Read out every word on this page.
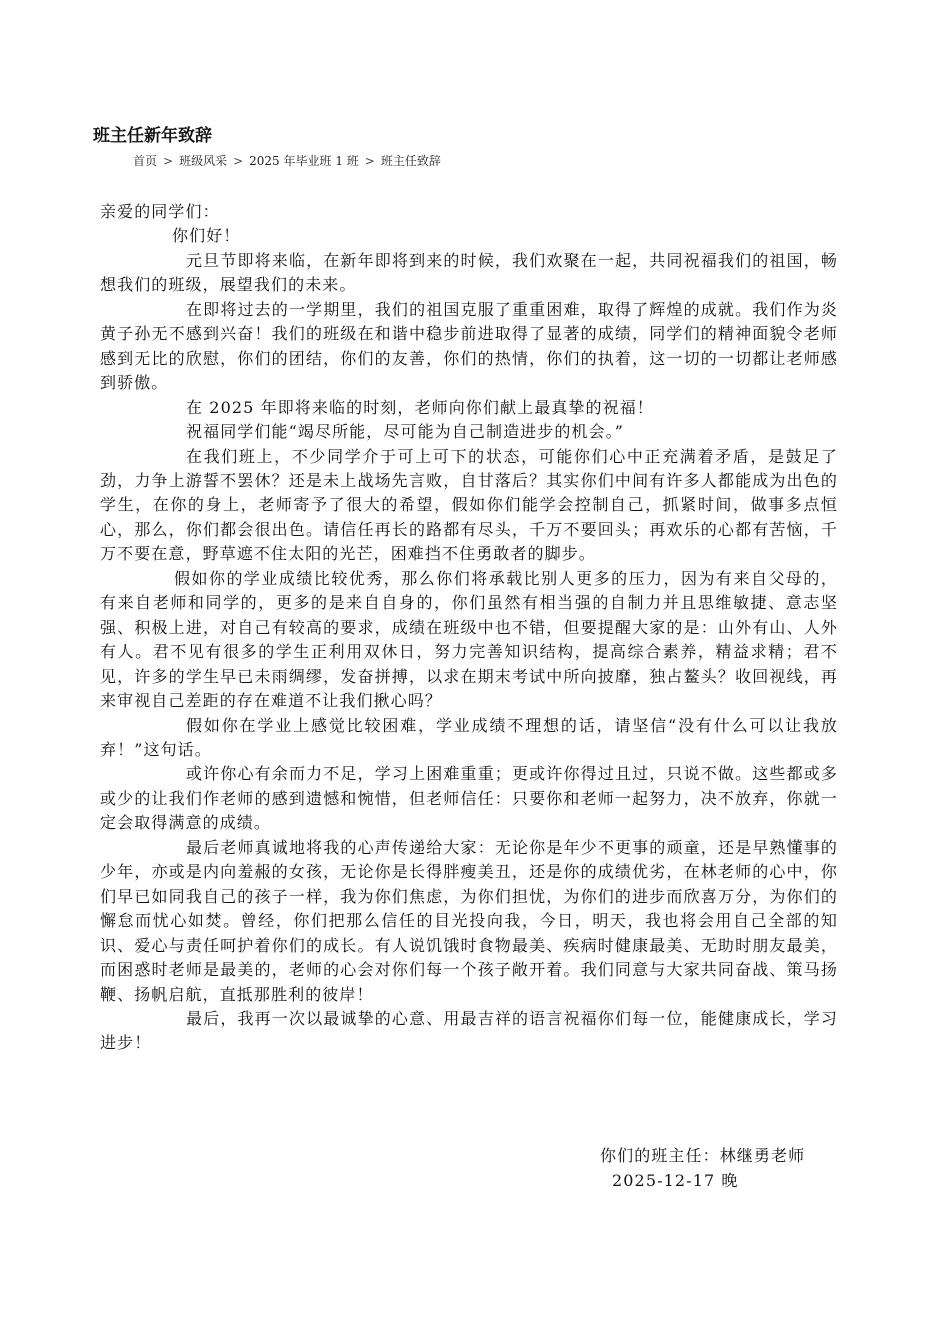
班主任新年致辞
首页 > 班级风采 > 2025 年毕业班 1 班 > 班主任致辞

亲爱的同学们：

你们好！

元旦节即将来临，在新年即将到来的时候，我们欢聚在一起，共同祝福我们的祖国，畅想我们的班级，展望我们的未来。

在即将过去的一学期里，我们的祖国克服了重重困难，取得了辉煌的成就。我们作为炎黄子孙无不感到兴奋！我们的班级在和谐中稳步前进取得了显著的成绩，同学们的精神面貌令老师感到无比的欣慰，你们的团结，你们的友善，你们的热情，你们的执着，这一切的一切都让老师感到骄傲。

在 2025 年即将来临的时刻，老师向你们献上最真挚的祝福！

祝福同学们能“竭尽所能，尽可能为自己制造进步的机会。”

在我们班上，不少同学介于可上可下的状态，可能你们心中正充满着矛盾，是鼓足了劲，力争上游誓不罢休？还是未上战场先言败，自甘落后？其实你们中间有许多人都能成为出色的学生，在你的身上，老师寄予了很大的希望，假如你们能学会控制自己，抓紧时间，做事多点恒心，那么，你们都会很出色。请信任再长的路都有尽头，千万不要回头；再欢乐的心都有苦恼，千万不要在意，野草遮不住太阳的光芒，困难挡不住勇敢者的脚步。

假如你的学业成绩比较优秀，那么你们将承载比别人更多的压力，因为有来自父母的，有来自老师和同学的，更多的是来自自身的，你们虽然有相当强的自制力并且思维敏捷、意志坚强、积极上进，对自己有较高的要求，成绩在班级中也不错，但要提醒大家的是：山外有山、人外有人。君不见有很多的学生正利用双休日，努力完善知识结构，提高综合素养，精益求精；君不见，许多的学生早已未雨绸缪，发奋拼搏，以求在期末考试中所向披靡，独占鳌头？收回视线，再来审视自己差距的存在难道不让我们揪心吗？

假如你在学业上感觉比较困难，学业成绩不理想的话，请坚信“没有什么可以让我放弃！”这句话。

或许你心有余而力不足，学习上困难重重；更或许你得过且过，只说不做。这些都或多或少的让我们作老师的感到遗憾和惋惜，但老师信任：只要你和老师一起努力，决不放弃，你就一定会取得满意的成绩。

最后老师真诚地将我的心声传递给大家：无论你是年少不更事的顽童，还是早熟懂事的少年，亦或是内向羞赧的女孩，无论你是长得胖瘦美丑，还是你的成绩优劣，在林老师的心中，你们早已如同我自己的孩子一样，我为你们焦虑，为你们担忧，为你们的进步而欣喜万分，为你们的懈怠而忧心如焚。曾经，你们把那么信任的目光投向我，今日，明天，我也将会用自己全部的知识、爱心与责任呵护着你们的成长。有人说饥饿时食物最美、疾病时健康最美、无助时朋友最美，而困惑时老师是最美的，老师的心会对你们每一个孩子敞开着。我们同意与大家共同奋战、策马扬鞭、扬帆启航，直抵那胜利的彼岸！

最后，我再一次以最诚挚的心意、用最吉祥的语言祝福你们每一位，能健康成长，学习进步！

你们的班主任：林继勇老师
2025-12-17 晚
